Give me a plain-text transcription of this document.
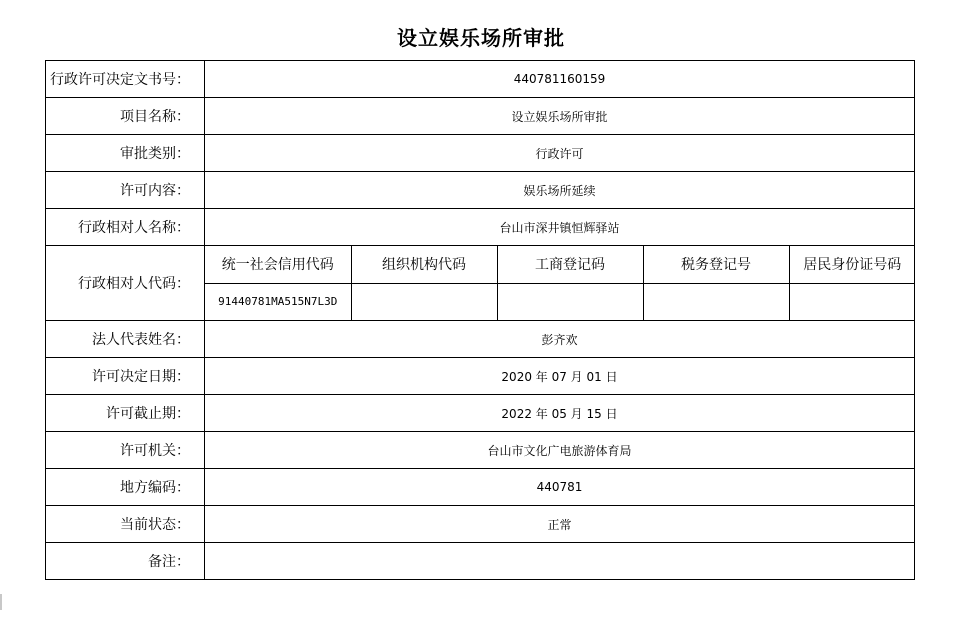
设立娱乐场所审批
行政许可决定文书号：	440781160159
项目名称：	设立娱乐场所审批
审批类别：	行政许可
许可内容：	娱乐场所延续
行政相对人名称：	台山市深井镇恒辉驿站
行政相对人代码：	
统一社会信用代码	组织机构代码	工商登记码	税务登记号	居民身份证号码
91440781MA515N7L3D				

法人代表姓名：	彭齐欢
许可决定日期：	2020 年 07 月 01 日
许可截止期：	2022 年 05 月 15 日
许可机关：	台山市文化广电旅游体育局
地方编码：	440781
当前状态：	正常
备注：	
